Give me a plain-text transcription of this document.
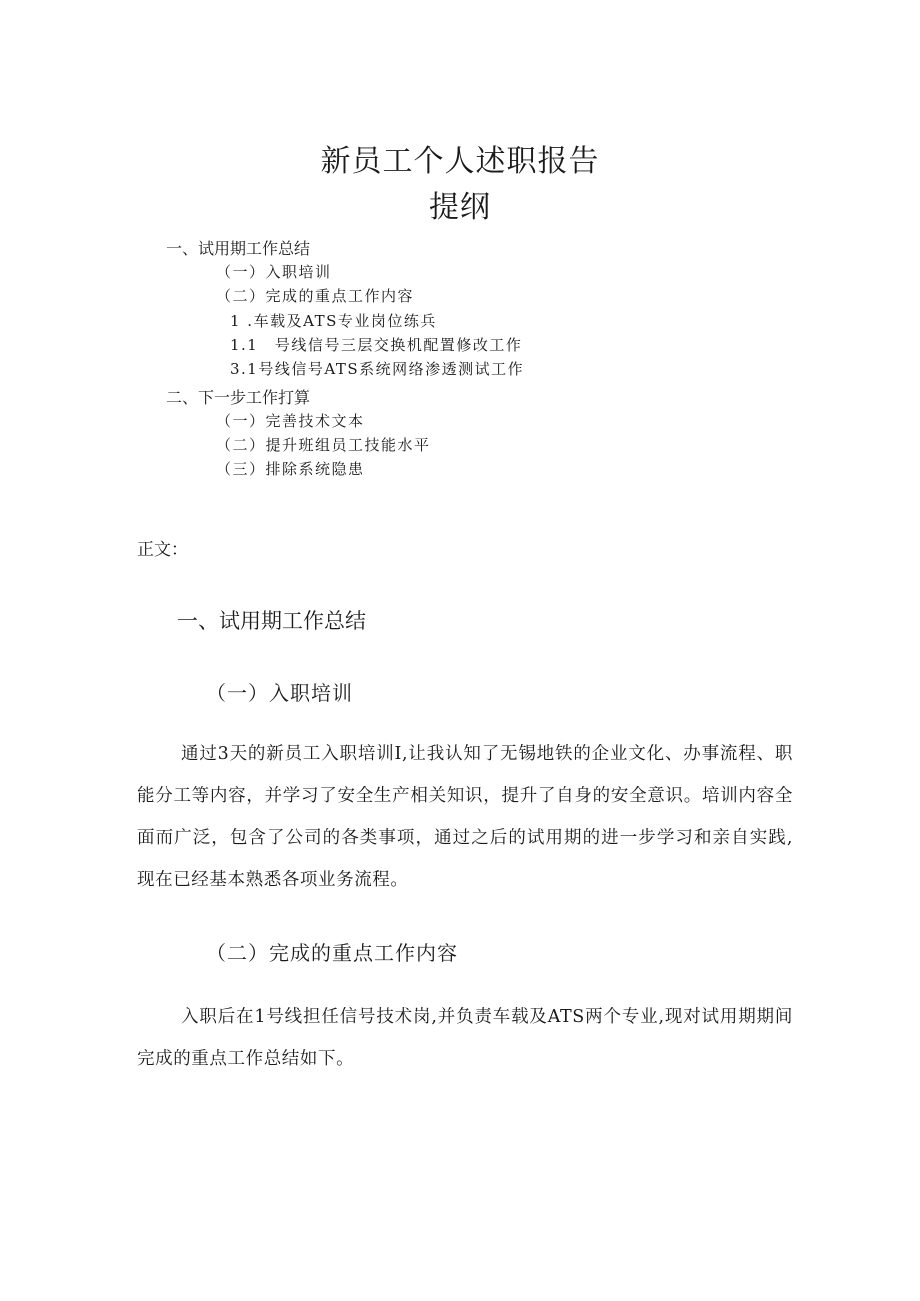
新员工个人述职报告
提纲
一、试用期工作总结
（一）入职培训
（二）完成的重点工作内容
1 .车载及ATS专业岗位练兵
1.1　号线信号三层交换机配置修改工作
3.1号线信号ATS系统网络渗透测试工作
二、下一步工作打算
（一）完善技术文本
（二）提升班组员工技能水平
（三）排除系统隐患
正文：
一、试用期工作总结
（一）入职培训

通过3天的新员工入职培训I,让我认知了无锡地铁的企业文化、办事流程、职能分工等内容，并学习了安全生产相关知识，提升了自身的安全意识。培训内容全面而广泛，包含了公司的各类事项，通过之后的试用期的进一步学习和亲自实践,现在已经基本熟悉各项业务流程。

（二）完成的重点工作内容

入职后在1号线担任信号技术岗,并负责车载及ATS两个专业,现对试用期期间完成的重点工作总结如下。
